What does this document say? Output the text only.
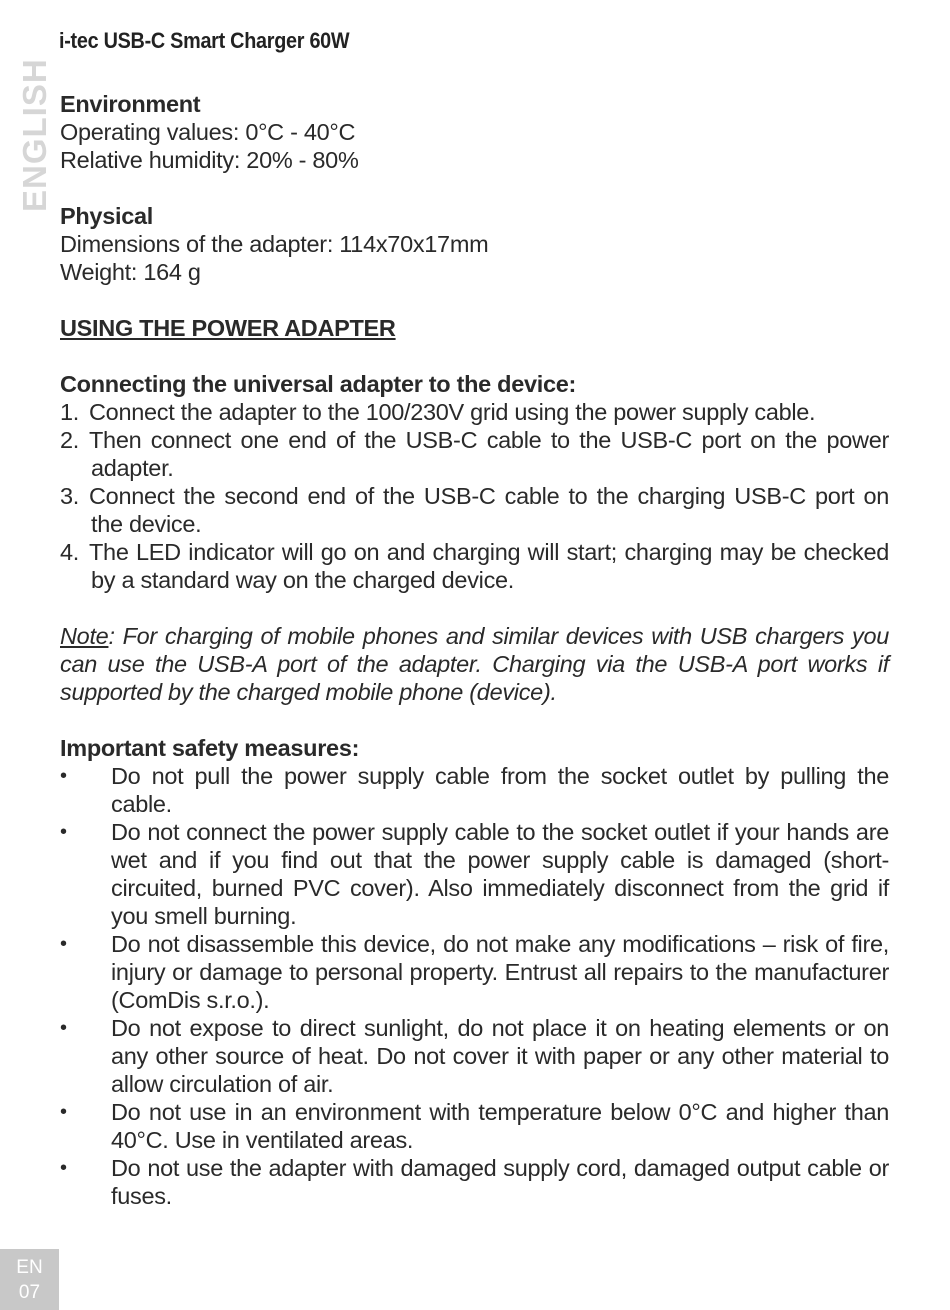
i-tec USB-C Smart Charger 60W
ENGLISH Environment

Operating values: 0°C - 40°C

Relative humidity: 20% - 80%

Physical

Dimensions of the adapter: 114x70x17mm

Weight: 164 g

USING THE POWER ADAPTER

Connecting the universal adapter to the device:

1. Connect the adapter to the 100/230V grid using the power supply cable.
2. Then connect one end of the USB-C cable to the USB-C port on the power adapter.
3. Connect the second end of the USB-C cable to the charging USB-C port on the device.
4. The LED indicator will go on and charging will start; charging may be checked by a standard way on the charged device.

Note: For charging of mobile phones and similar devices with USB chargers you can use the USB-A port of the adapter. Charging via the USB-A port works if supported by the charged mobile phone (device).

Important safety measures:

• Do not pull the power supply cable from the socket outlet by pulling the cable.
• Do not connect the power supply cable to the socket outlet if your hands are wet and if you find out that the power supply cable is damaged (short-circuited, burned PVC cover). Also immediately disconnect from the grid if you smell burning.
• Do not disassemble this device, do not make any modifications – risk of fire, injury or damage to personal property. Entrust all repairs to the manufacturer (ComDis s.r.o.).
• Do not expose to direct sunlight, do not place it on heating elements or on any other source of heat. Do not cover it with paper or any other material to allow circulation of air.
• Do not use in an environment with temperature below 0°C and higher than 40°C. Use in ventilated areas.
• Do not use the adapter with damaged supply cord, damaged output cable or fuses.
EN
07
